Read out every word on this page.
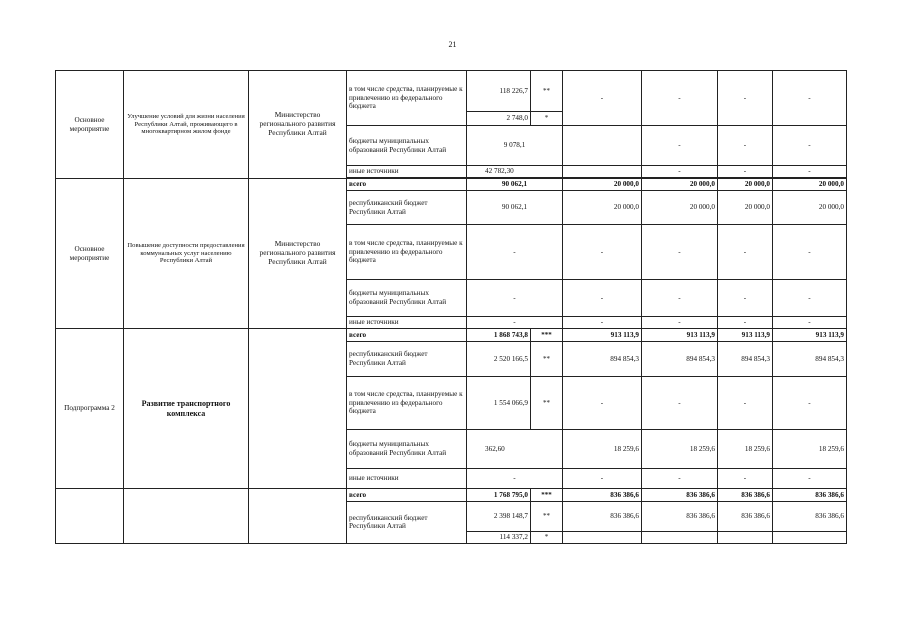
21
Основное мероприятие	Улучшение условий для жизни населения Республики Алтай, проживающего в многоквартирном жилом фонде	Министерство регионального развития Республики Алтай	в том числе средства, планируемые к привлечению из федерального бюджета	118 226,7	**	-	-	-	-
				2 748,0	*				
			бюджеты муниципальных образований Республики Алтай	9 078,1			-	-	-
			иные источники	42 782,30			-	-	-

Основное мероприятие	Повышение доступности предоставления коммунальных услуг населению Республики Алтай	Министерство регионального развития Республики Алтай	всего	90 062,1		20 000,0	20 000,0	20 000,0	20 000,0
			республиканский бюджет Республики Алтай	90 062,1		20 000,0	20 000,0	20 000,0	20 000,0
			в том числе средства, планируемые к привлечению из федерального бюджета	-		-	-	-	-
			бюджеты муниципальных образований Республики Алтай	-		-	-	-	-
			иные источники	-		-	-	-	-
Подпрограмма 2	Развитие транспортного комплекса		всего	1 868 743,8	***	913 113,9	913 113,9	913 113,9	913 113,9
			республиканский бюджет Республики Алтай	2 520 166,5	**	894 854,3	894 854,3	894 854,3	894 854,3
			в том числе средства, планируемые к привлечению из федерального бюджета	1 554 066,9	**	-	-	-	-
			бюджеты муниципальных образований Республики Алтай	362,60		18 259,6	18 259,6	18 259,6	18 259,6
			иные источники	-		-	-	-	-
			всего	1 768 795,0	***	836 386,6	836 386,6	836 386,6	836 386,6
			республиканский бюджет Республики Алтай	2 398 148,7	**	836 386,6	836 386,6	836 386,6	836 386,6
				114 337,2	*				
